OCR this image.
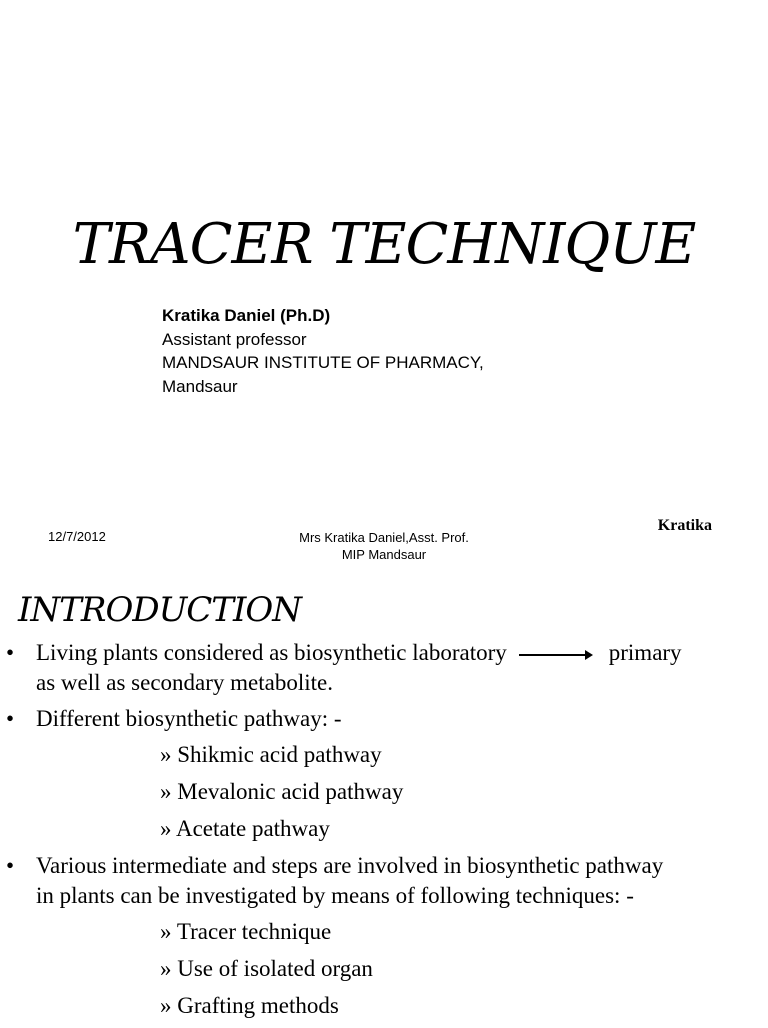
TRACER TECHNIQUE
Kratika Daniel (Ph.D)
Assistant professor
MANDSAUR INSTITUTE OF PHARMACY,
Mandsaur
12/7/2012	Mrs Kratika Daniel,Asst. Prof.
MIP Mandsaur
Kratika
INTRODUCTION
• Living plants considered as biosynthetic laboratory	primary
as well as secondary metabolite.
• Different biosynthetic pathway: -
» Shikmic acid pathway
» Mevalonic acid pathway
» Acetate pathway
• Various intermediate and steps are involved in biosynthetic pathway
in plants can be investigated by means of following techniques: -
» Tracer technique
» Use of isolated organ
» Grafting methods
